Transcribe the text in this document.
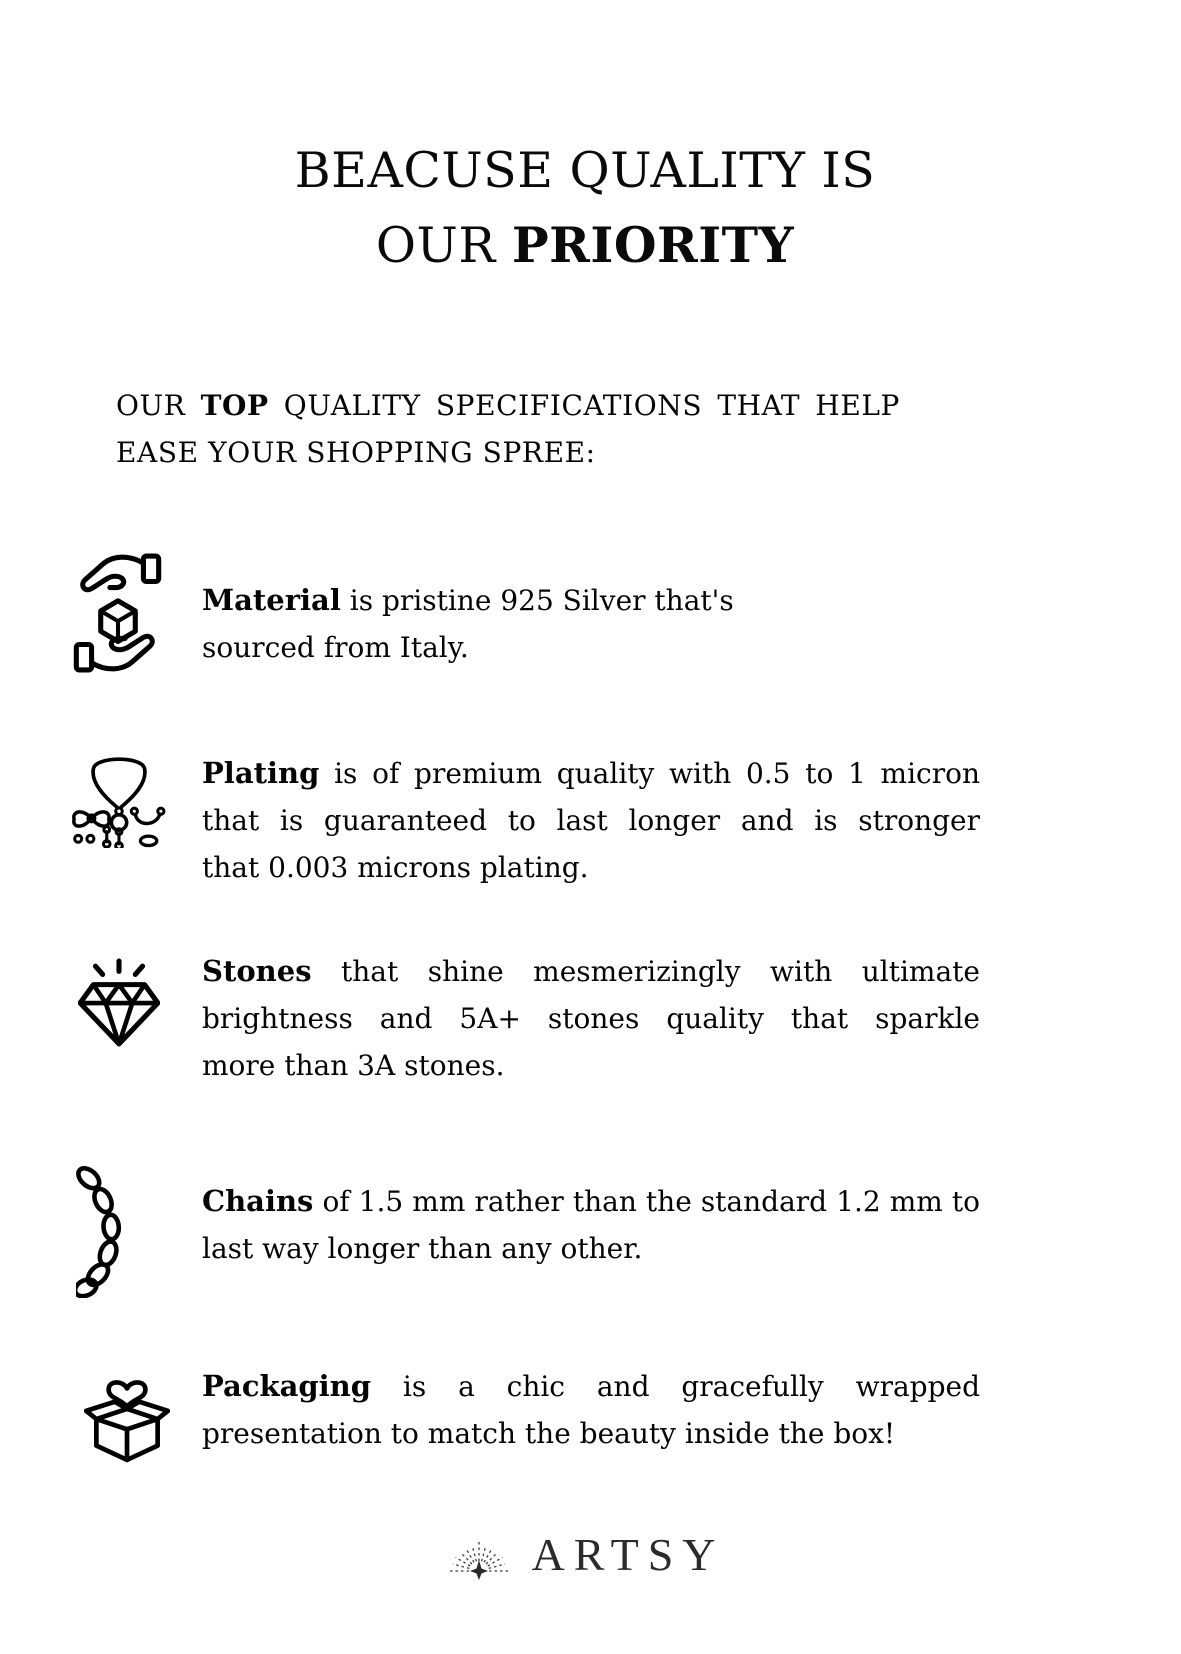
BEACUSE QUALITY IS
OUR PRIORITY
OUR TOP QUALITY SPECIFICATIONS THAT HELP
EASE YOUR SHOPPING SPREE:
Material is pristine 925 Silver that's
sourced from Italy.
Plating is of premium quality with 0.5 to 1 micron
that is guaranteed to last longer and is stronger
that 0.003 microns plating.
Stones that shine mesmerizingly with ultimate
brightness and 5A+ stones quality that sparkle
more than 3A stones.
Chains of 1.5 mm rather than the standard 1.2 mm to
last way longer than any other.
Packaging is a chic and gracefully wrapped
presentation to match the beauty inside the box!
ARTSY
